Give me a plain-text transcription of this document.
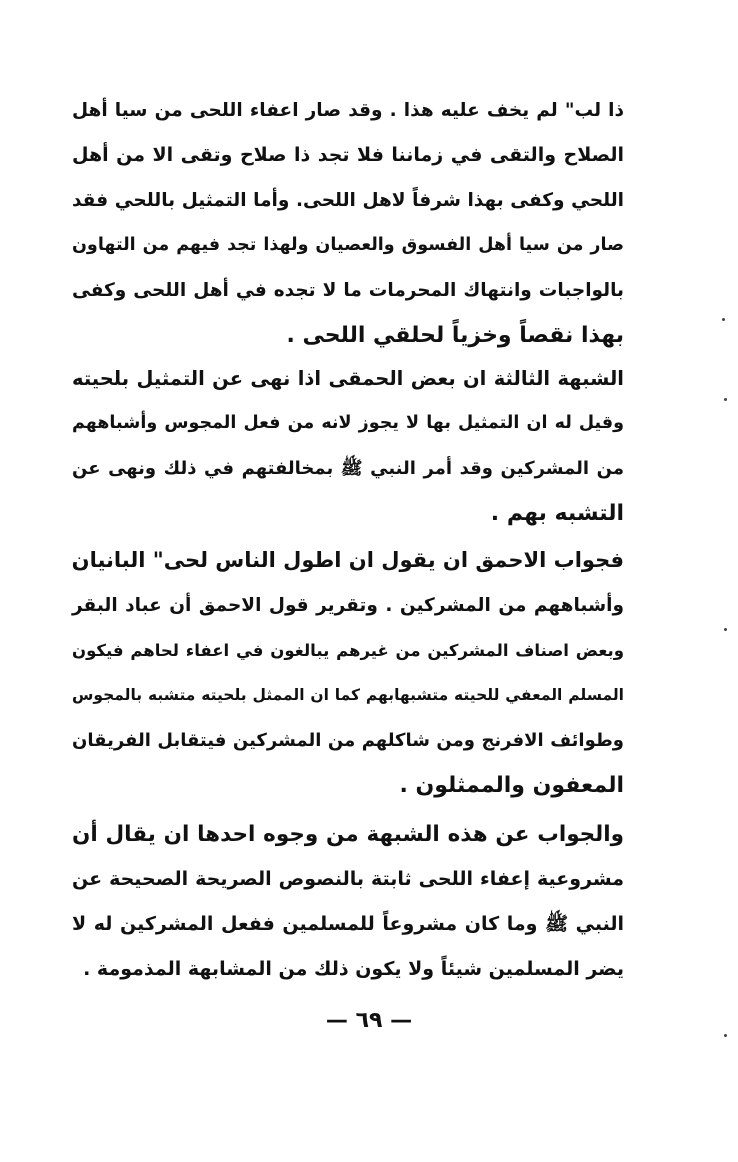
ذا لب" لم يخف عليه هذا . وقد صار اعفاء اللحى من سيا أهل
الصلاح والتقى في زماننا فلا تجد ذا صلاح وتقى الا من أهل
اللحي وكفى بهذا شرفاً لاهل اللحى. وأما التمثيل باللحي فقد
صار من سيا أهل الفسوق والعصيان ولهذا تجد فيهم من التهاون
بالواجبات وانتهاك المحرمات ما لا تجده في أهل اللحى وكفى
بهذا نقصاً وخزياً لحلقي اللحى .
الشبهة الثالثة ان بعض الحمقى اذا نهى عن التمثيل بلحيته
وقيل له ان التمثيل بها لا يجوز لانه من فعل المجوس وأشباههم
من المشركين وقد أمر النبي ﷺ بمخالفتهم في ذلك ونهى عن
التشبه بهم .
فجواب الاحمق ان يقول ان اطول الناس لحى" البانيان
وأشباههم من المشركين . وتقرير قول الاحمق أن عباد البقر
وبعض اصناف المشركين من غيرهم يبالغون في اعفاء لحاهم فيكون
المسلم المعفي للحيته متشبهابهم كما ان الممثل بلحيته متشبه بالمجوس
وطوائف الافرنج ومن شاكلهم من المشركين فيتقابل الفريقان
المعفون والممثلون .
والجواب عن هذه الشبهة من وجوه احدها ان يقال أن
مشروعية إعفاء اللحى ثابتة بالنصوص الصريحة الصحيحة عن
النبي ﷺ وما كان مشروعاً للمسلمين ففعل المشركين له لا
يضر المسلمين شيئاً ولا يكون ذلك من المشابهة المذمومة .
— ٦٩ —
